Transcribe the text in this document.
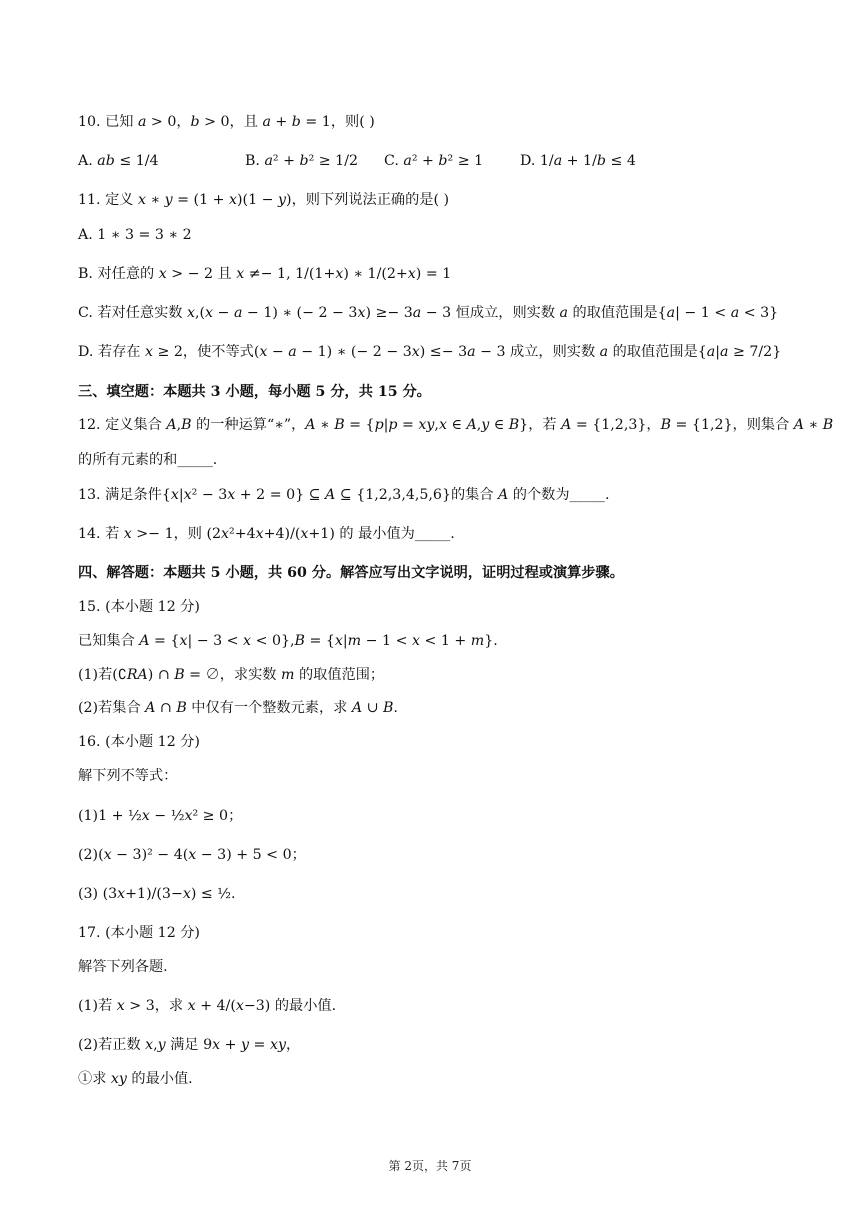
10. 已知 𝑎 > 0，𝑏 > 0，且 𝑎 + 𝑏 = 1，则( )
A. 𝑎𝑏 ≤ 1/4	B. 𝑎² + 𝑏² ≥ 1/2 C. 𝑎² + 𝑏² ≥ 1	D. 1/𝑎 + 1/𝑏 ≤ 4
11. 定义 𝑥 ∗ 𝑦 = (1 + 𝑥)(1 − 𝑦)，则下列说法正确的是( )
A. 1 ∗ 3 = 3 ∗ 2
B. 对任意的 𝑥 > − 2 且 𝑥 ≠− 1, 1/(1+𝑥) ∗ 1/(2+𝑥) = 1
C. 若对任意实数 𝑥,(𝑥 − 𝑎 − 1) ∗ (− 2 − 3𝑥) ≥− 3𝑎 − 3 恒成立，则实数 𝑎 的取值范围是{𝑎| − 1 < 𝑎 < 3}
D. 若存在 𝑥 ≥ 2，使不等式(𝑥 − 𝑎 − 1) ∗ (− 2 − 3𝑥) ≤− 3𝑎 − 3 成立，则实数 𝑎 的取值范围是{𝑎|𝑎 ≥ 7/2}
三、填空题：本题共 3 小题，每小题 5 分，共 15 分。
12. 定义集合 𝐴,𝐵 的一种运算“∗”，𝐴 ∗ 𝐵 = {𝑝|𝑝 = 𝑥𝑦,𝑥 ∈ 𝐴,𝑦 ∈ 𝐵}，若 𝐴 = {1,2,3}，𝐵 = {1,2}，则集合 𝐴 ∗ 𝐵
的所有元素的和_____.
13. 满足条件{𝑥|𝑥² − 3𝑥 + 2 = 0} ⊆ 𝐴 ⊆ {1,2,3,4,5,6}的集合 𝐴 的个数为_____.
14. 若 𝑥 >− 1，则 (2𝑥²+4𝑥+4)/(𝑥+1) 的 最小值为_____.
四、解答题：本题共 5 小题，共 60 分。解答应写出文字说明，证明过程或演算步骤。
15. (本小题 12 分)
已知集合 𝐴 = {𝑥| − 3 < 𝑥 < 0},𝐵 = {𝑥|𝑚 − 1 < 𝑥 < 1 + 𝑚}.
(1)若(∁𝑅𝐴) ∩ 𝐵 = ∅，求实数 𝑚 的取值范围；
(2)若集合 𝐴 ∩ 𝐵 中仅有一个整数元素，求 𝐴 ∪ 𝐵.
16. (本小题 12 分)
解下列不等式：
(1)1 + ½𝑥 − ½𝑥² ≥ 0；
(2)(𝑥 − 3)² − 4(𝑥 − 3) + 5 < 0；
(3) (3𝑥+1)/(3−𝑥) ≤ ½.
17. (本小题 12 分)
解答下列各题.
(1)若 𝑥 > 3，求 𝑥 + 4/(𝑥−3) 的最小值.
(2)若正数 𝑥,𝑦 满足 9𝑥 + 𝑦 = 𝑥𝑦，
①求 𝑥𝑦 的最小值.
第 2页，共 7页
